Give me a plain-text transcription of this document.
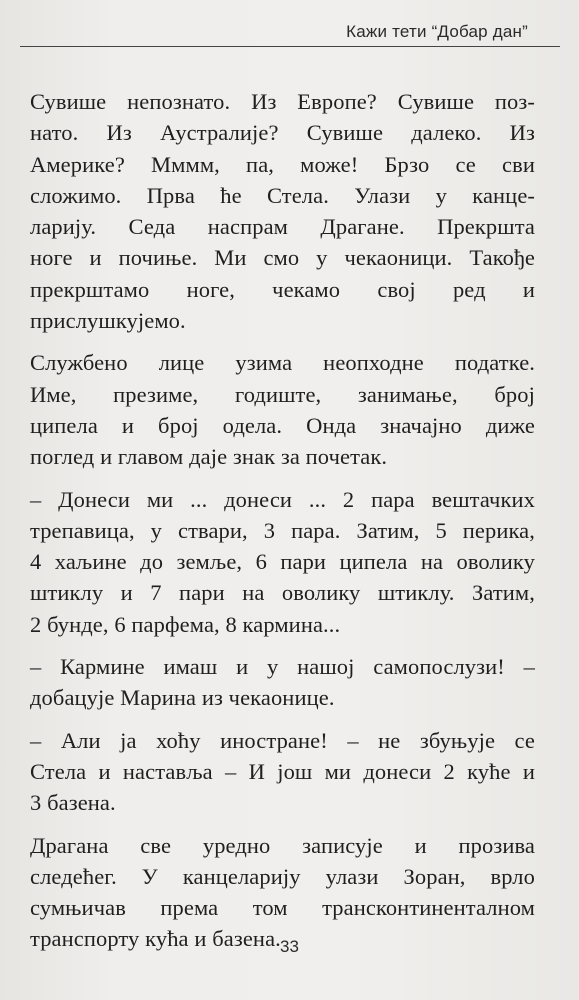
Кажи тети “Добар дан”

Сувише непознато. Из Европе? Сувише поз-
нато. Из Аустралије? Сувише далеко. Из
Америке? Мммм, па, може! Брзо се сви
сложимо. Прва ће Стела. Улази у канце-
ларију. Седа наспрам Драгане. Прекршта
ноге и почиње. Ми смо у чекаоници. Такође
прекрштамо ноге, чекамо свој ред и
прислушкујемо.

Службено лице узима неопходне податке.
Име, презиме, годиште, занимање, број
ципела и број одела. Онда значајно диже
поглед и главом даје знак за почетак.

– Донеси ми ... донеси ... 2 пара вештачких
трепавица, у ствари, 3 пара. Затим, 5 перика,
4 хаљине до земље, 6 пари ципела на оволику
штиклу и 7 пари на оволику штиклу. Затим,
2 бунде, 6 парфема, 8 кармина...

– Кармине имаш и у нашој самопослузи! –
добацује Марина из чекаонице.

– Али ја хоћу иностране! – не збуњује се
Стела и наставља – И још ми донеси 2 куће и
3 базена.

Драгана све уредно записује и прозива
следећег. У канцеларију улази Зоран, врло
сумњичав према том трансконтиненталном
транспорту кућа и базена. 33
